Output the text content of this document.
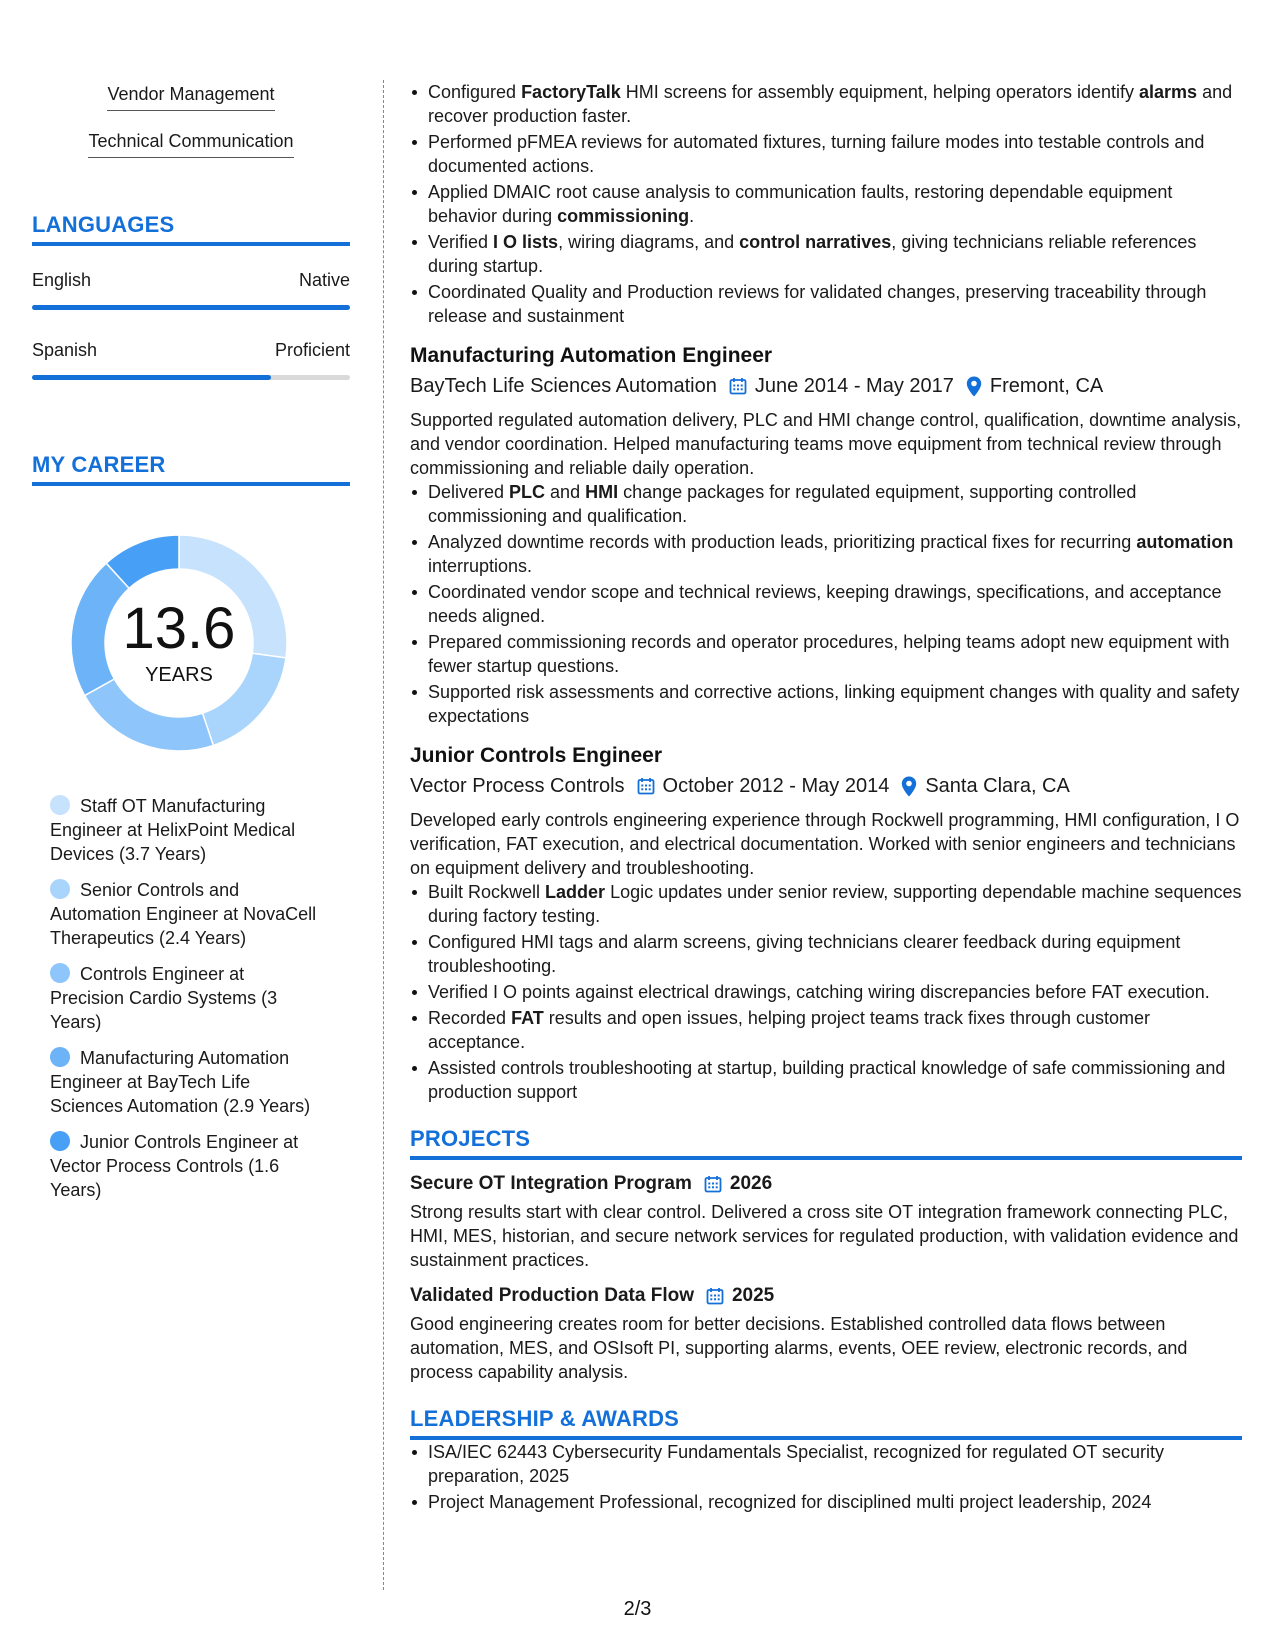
Vendor Management
Technical Communication
LANGUAGES
English	Native
Spanish	Proficient
MY CAREER
13.6
YEARS
Staff OT Manufacturing Engineer at HelixPoint Medical Devices (3.7 Years)
Senior Controls and Automation Engineer at NovaCell Therapeutics (2.4 Years)
Controls Engineer at Precision Cardio Systems (3 Years)
Manufacturing Automation Engineer at BayTech Life Sciences Automation (2.9 Years)
Junior Controls Engineer at Vector Process Controls (1.6 Years)
Configured FactoryTalk HMI screens for assembly equipment, helping operators identify alarms and recover production faster.
Performed pFMEA reviews for automated fixtures, turning failure modes into testable controls and documented actions.
Applied DMAIC root cause analysis to communication faults, restoring dependable equipment behavior during commissioning.
Verified I O lists, wiring diagrams, and control narratives, giving technicians reliable references during startup.
Coordinated Quality and Production reviews for validated changes, preserving traceability through release and sustainment
Manufacturing Automation Engineer
BayTech Life Sciences Automation June 2014 - May 2017 Fremont, CA
Supported regulated automation delivery, PLC and HMI change control, qualification, downtime analysis, and vendor coordination. Helped manufacturing teams move equipment from technical review through commissioning and reliable daily operation.
Delivered PLC and HMI change packages for regulated equipment, supporting controlled commissioning and qualification.
Analyzed downtime records with production leads, prioritizing practical fixes for recurring automation interruptions.
Coordinated vendor scope and technical reviews, keeping drawings, specifications, and acceptance needs aligned.
Prepared commissioning records and operator procedures, helping teams adopt new equipment with fewer startup questions.
Supported risk assessments and corrective actions, linking equipment changes with quality and safety expectations
Junior Controls Engineer
Vector Process Controls October 2012 - May 2014 Santa Clara, CA
Developed early controls engineering experience through Rockwell programming, HMI configuration, I O verification, FAT execution, and electrical documentation. Worked with senior engineers and technicians on equipment delivery and troubleshooting.
Built Rockwell Ladder Logic updates under senior review, supporting dependable machine sequences during factory testing.
Configured HMI tags and alarm screens, giving technicians clearer feedback during equipment troubleshooting.
Verified I O points against electrical drawings, catching wiring discrepancies before FAT execution.
Recorded FAT results and open issues, helping project teams track fixes through customer acceptance.
Assisted controls troubleshooting at startup, building practical knowledge of safe commissioning and production support
PROJECTS
Secure OT Integration Program 2026
Strong results start with clear control. Delivered a cross site OT integration framework connecting PLC, HMI, MES, historian, and secure network services for regulated production, with validation evidence and sustainment practices.
Validated Production Data Flow 2025
Good engineering creates room for better decisions. Established controlled data flows between automation, MES, and OSIsoft PI, supporting alarms, events, OEE review, electronic records, and process capability analysis.
LEADERSHIP & AWARDS
ISA/IEC 62443 Cybersecurity Fundamentals Specialist, recognized for regulated OT security preparation, 2025
Project Management Professional, recognized for disciplined multi project leadership, 2024
2/3
